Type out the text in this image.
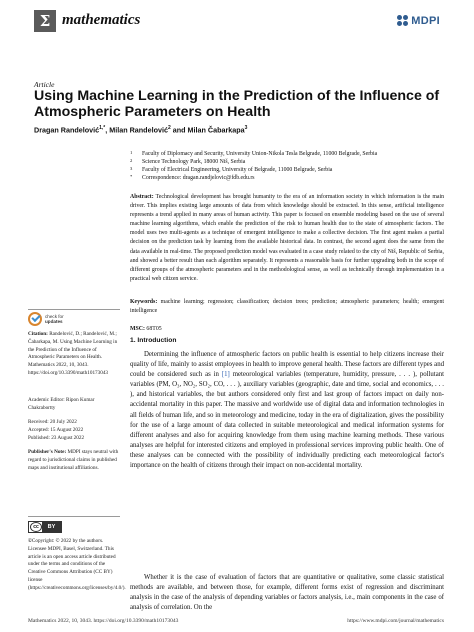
Σ mathematics	MDPI
Article
Using Machine Learning in the Prediction of the Influence of Atmospheric Parameters on Health
Dragan Randelović$^{1,*}$, Milan Randelović$^2$ and Milan Čabarkapa$^3$
1 Faculty of Diplomacy and Security, University Union-Nikola Tesla Belgrade, 11000 Belgrade, Serbia
2 Science Technology Park, 18000 Niš, Serbia
3 Faculty of Electrical Engineering, University of Belgrade, 11000 Belgrade, Serbia
* Correspondence: dragan.randjelovic@fdb.edu.rs
Abstract: Technological development has brought humanity to the era of an information society in which information is the main driver. This implies existing large amounts of data from which knowledge should be extracted. In this sense, artificial intelligence represents a trend applied in many areas of human activity. This paper is focused on ensemble modeling based on the use of several machine learning algorithms, which enable the prediction of the risk to human health due to the state of atmospheric factors. The model uses two multi-agents as a technique of emergent intelligence to make a collective decision. The first agent makes a partial decision on the prediction task by learning from the available historical data. In contrast, the second agent does the same from the data available in real-time. The proposed prediction model was evaluated in a case study related to the city of Niš, Republic of Serbia, and showed a better result than each algorithm separately. It represents a reasonable basis for further upgrading both in the scope of different groups of the atmospheric parameters and in the methodological sense, as well as technically through implementation in a practical web citizen service.
Keywords: machine learning; regression; classification; decision trees; prediction; atmospheric parameters; health; emergent intelligence
MSC: 68T05
check for
updates
Citation: Randelović, D.; Randelović, M.; Čabarkapa, M. Using Machine Learning in the Prediction of the Influence of Atmospheric Parameters on Health. Mathematics 2022, 10, 3043. https://doi.org/10.3390/math10173043
Academic Editor: Ripon Kumar Chakrabortty
Received: 20 July 2022
Accepted: 15 August 2022
Published: 23 August 2022
Publisher's Note: MDPI stays neutral with regard to jurisdictional claims in published maps and institutional affiliations.
cc	BY
©Copyright: © 2022 by the authors. Licensee MDPI, Basel, Switzerland. This article is an open access article distributed under the terms and conditions of the Creative Commons Attribution (CC BY) license (https://creativecommons.org/licenses/by/4.0/).
1. Introduction
Determining the influence of atmospheric factors on public health is essential to help citizens increase their quality of life, mainly to assist employees in health to improve general health. These factors are different types and could be considered such as in [1] meteorological variables (temperature, humidity, pressure, . . . ), pollutant variables (PM, O₃, NO₂, SO₂, CO, . . . ), auxiliary variables (geographic, date and time, social and economics, . . . ), and historical variables, the but authors considered only first and last group of factors impact on daily non-accidental mortality in this paper. The massive and worldwide use of digital data and information technologies in all fields of human life, and so in meteorology and medicine, today in the era of digitalization, gives the possibility for the use of a large amount of data collected in suitable meteorological and medical information systems for different analyses and also for acquiring knowledge from them using machine learning methods. These various analyses are helpful for interested citizens and employed in professional services improving public health. One of these analyses can be connected with the possibility of individually predicting each meteorological factor's importance on the health of citizens through their impact on non-accidental mortality.
Whether it is the case of evaluation of factors that are quantitative or qualitative, some classic statistical methods are available, and between those, for example, different forms exist of regression and discriminant analysis in the case of the analysis of depending variables or factors analysis, i.e., main components in the case of analysis of correlation. On the
Mathematics 2022, 10, 3043. https://doi.org/10.3390/math10173043	https://www.mdpi.com/journal/mathematics
